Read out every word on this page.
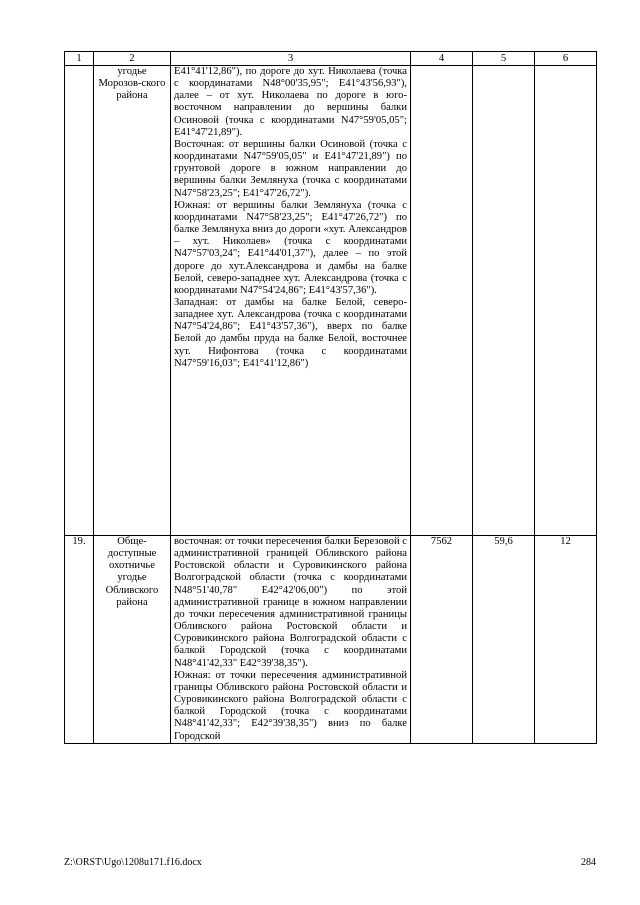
1	2	3	4	5	6
	угодье Морозов-ского района	E41°41'12,86"), по дороге до хут. Николаева (точка с координатами N48°00'35,95"; E41°43'56,93"), далее – от хут. Николаева по дороге в юго-восточном направлении до вершины балки Осиновой (точка с координатами N47°59'05,05"; E41°47'21,89").
Восточная: от вершины балки Осиновой (точка с координатами N47°59'05,05" и E41°47'21,89") по грунтовой дороге в южном направлении до вершины балки Землянуха (точка с координатами N47°58'23,25"; E41°47'26,72").
Южная: от вершины балки Землянуха (точка с координатами N47°58'23,25"; E41°47'26,72") по балке Землянуха вниз до дороги «хут. Александров – хут. Николаев» (точка с координатами N47°57'03,24"; E41°44'01,37"), далее – по этой дороге до хут.Александрова и дамбы на балке Белой, северо-западнее хут. Александрова (точка с координатами N47°54'24,86"; E41°43'57,36").
Западная: от дамбы на балке Белой, северо-западнее хут. Александрова (точка с координатами N47°54'24,86"; E41°43'57,36"), вверх по балке Белой до дамбы пруда на балке Белой, восточнее хут. Нифонтова (точка с координатами N47°59'16,03"; E41°41'12,86")			

19.	Обще-доступные охотничье угодье Обливского района	восточная: от точки пересечения балки Березовой с административной границей Обливского района Ростовской области и Суровикинского района Волгоградской области (точка с координатами N48°51'40,78" E42°42'06,00") по этой административной границе в южном направлении до точки пересечения административной границы Обливского района Ростовской области и Суровикинского района Волгоградской области с балкой Городской (точка с координатами N48°41'42,33" E42°39'38,35").
Южная: от точки пересечения административной границы Обливского района Ростовской области и Суровикинского района Волгоградской области с балкой Городской (точка с координатами N48°41'42,33"; E42°39'38,35") вниз по балке Городской	7562	59,6	12
Z:\ORST\Ugo\1208u171.f16.docx	284
